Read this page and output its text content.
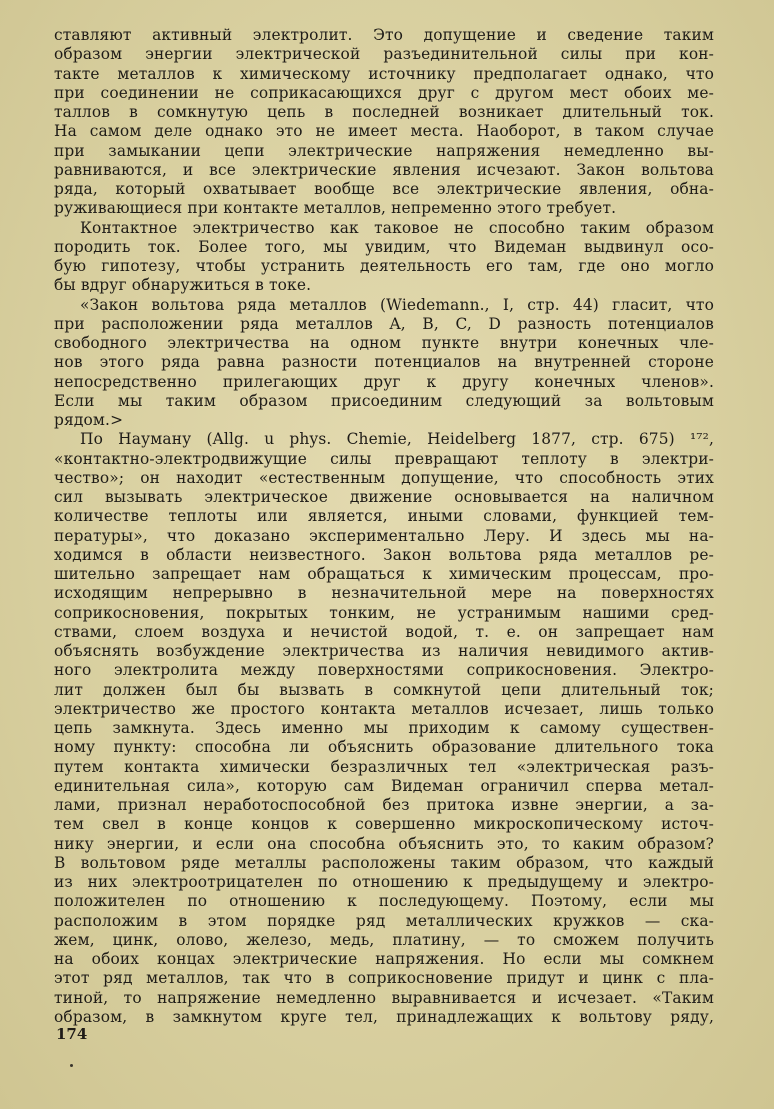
ставляют активный электролит. Это допущение и сведение таким
образом энергии электрической разъединительной силы при кон-
такте металлов к химическому источнику предполагает однако, что
при соединении не соприкасающихся друг с другом мест обоих ме-
таллов в сомкнутую цепь в последней возникает длительный ток.
На самом деле однако это не имеет места. Наоборот, в таком случае
при замыкании цепи электрические напряжения немедленно вы-
равниваются, и все электрические явления исчезают. Закон вольтова
ряда, который охватывает вообще все электрические явления, обна-
руживающиеся при контакте металлов, непременно этого требует.
Контактное электричество как таковое не способно таким образом
породить ток. Более того, мы увидим, что Видеман выдвинул осо-
бую гипотезу, чтобы устранить деятельность его там, где оно могло
бы вдруг обнаружиться в токе.
«Закон вольтова ряда металлов (Wiedemann., I, стр. 44) гласит, что
при расположении ряда металлов A, B, C, D разность потенциалов
свободного электричества на одном пункте внутри конечных чле-
нов этого ряда равна разности потенциалов на внутренней стороне
непосредственно прилегающих друг к другу конечных членов».
Если мы таким образом присоединим следующий за вольтовым
рядом.>
По Науману (Allg. u phys. Chemie, Heidelberg 1877, стр. 675) ¹⁷²,
«контактно-электродвижущие силы превращают теплоту в электри-
чество»; он находит «естественным допущение, что способность этих
сил вызывать электрическое движение основывается на наличном
количестве теплоты или является, иными словами, функцией тем-
пературы», что доказано экспериментально Леру. И здесь мы на-
ходимся в области неизвестного. Закон вольтова ряда металлов ре-
шительно запрещает нам обращаться к химическим процессам, про-
исходящим непрерывно в незначительной мере на поверхностях
соприкосновения, покрытых тонким, не устранимым нашими сред-
ствами, слоем воздуха и нечистой водой, т. е. он запрещает нам
объяснять возбуждение электричества из наличия невидимого актив-
ного электролита между поверхностями соприкосновения. Электро-
лит должен был бы вызвать в сомкнутой цепи длительный ток;
электричество же простого контакта металлов исчезает, лишь только
цепь замкнута. Здесь именно мы приходим к самому существен-
ному пункту: способна ли объяснить образование длительного тока
путем контакта химически безразличных тел «электрическая разъ-
единительная сила», которую сам Видеман ограничил сперва метал-
лами, признал неработоспособной без притока извне энергии, а за-
тем свел в конце концов к совершенно микроскопическому источ-
нику энергии, и если она способна объяснить это, то каким образом?
В вольтовом ряде металлы расположены таким образом, что каждый
из них электроотрицателен по отношению к предыдущему и электро-
положителен по отношению к последующему. Поэтому, если мы
расположим в этом порядке ряд металлических кружков — ска-
жем, цинк, олово, железо, медь, платину, — то сможем получить
на обоих концах электрические напряжения. Но если мы сомкнем
этот ряд металлов, так что в соприкосновение придут и цинк с пла-
тиной, то напряжение немедленно выравнивается и исчезает. «Таким
образом, в замкнутом круге тел, принадлежащих к вольтову ряду,
174
